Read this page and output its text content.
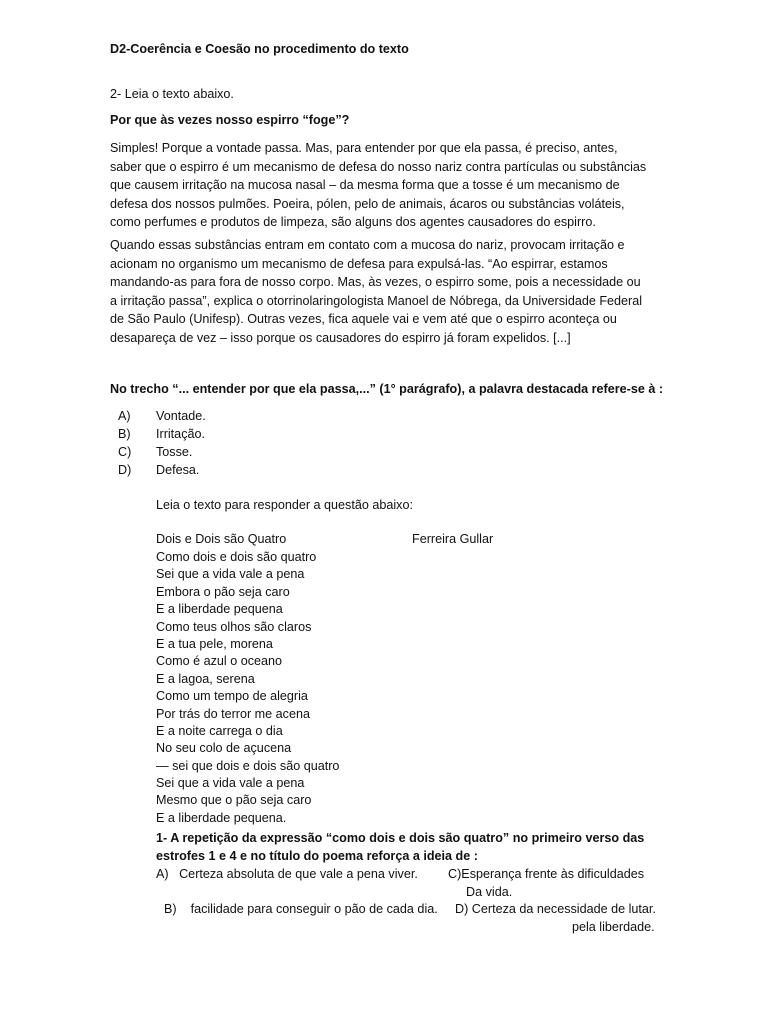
D2-Coerência e Coesão no procedimento do texto
2- Leia o texto abaixo.
Por que às vezes nosso espirro “foge”?

Simples! Porque a vontade passa. Mas, para entender por que ela passa, é preciso, antes, saber que o espirro é um mecanismo de defesa do nosso nariz contra partículas ou substâncias que causem irritação na mucosa nasal – da mesma forma que a tosse é um mecanismo de defesa dos nossos pulmões. Poeira, pólen, pelo de animais, ácaros ou substâncias voláteis, como perfumes e produtos de limpeza, são alguns dos agentes causadores do espirro.

Quando essas substâncias entram em contato com a mucosa do nariz, provocam irritação e acionam no organismo um mecanismo de defesa para expulsá-las. “Ao espirrar, estamos mandando-as para fora de nosso corpo. Mas, às vezes, o espirro some, pois a necessidade ou a irritação passa”, explica o otorrinolaringologista Manoel de Nóbrega, da Universidade Federal de São Paulo (Unifesp). Outras vezes, fica aquele vai e vem até que o espirro aconteça ou desapareça de vez – isso porque os causadores do espirro já foram expelidos. [...]

No trecho “... entender por que ela passa,...” (1° parágrafo), a palavra destacada refere-se à :
A) Vontade.
B) Irritação.
C) Tosse.
D) Defesa.
Leia o texto para responder a questão abaixo:
Dois e Dois são Quatro	Ferreira Gullar
Como dois e dois são quatro
Sei que a vida vale a pena
Embora o pão seja caro
E a liberdade pequena
Como teus olhos são claros
E a tua pele, morena
Como é azul o oceano
E a lagoa, serena
Como um tempo de alegria
Por trás do terror me acena
E a noite carrega o dia
No seu colo de açucena
— sei que dois e dois são quatro
Sei que a vida vale a pena
Mesmo que o pão seja caro
E a liberdade pequena.
1- A repetição da expressão “como dois e dois são quatro” no primeiro verso das
estrofes 1 e 4 e no título do poema reforça a ideia de :
A)   Certeza absoluta de que vale a pena viver. C)Esperança frente às dificuldades
Da vida.
B)    facilidade para conseguir o pão de cada dia. D) Certeza da necessidade de lutar.
pela liberdade.
